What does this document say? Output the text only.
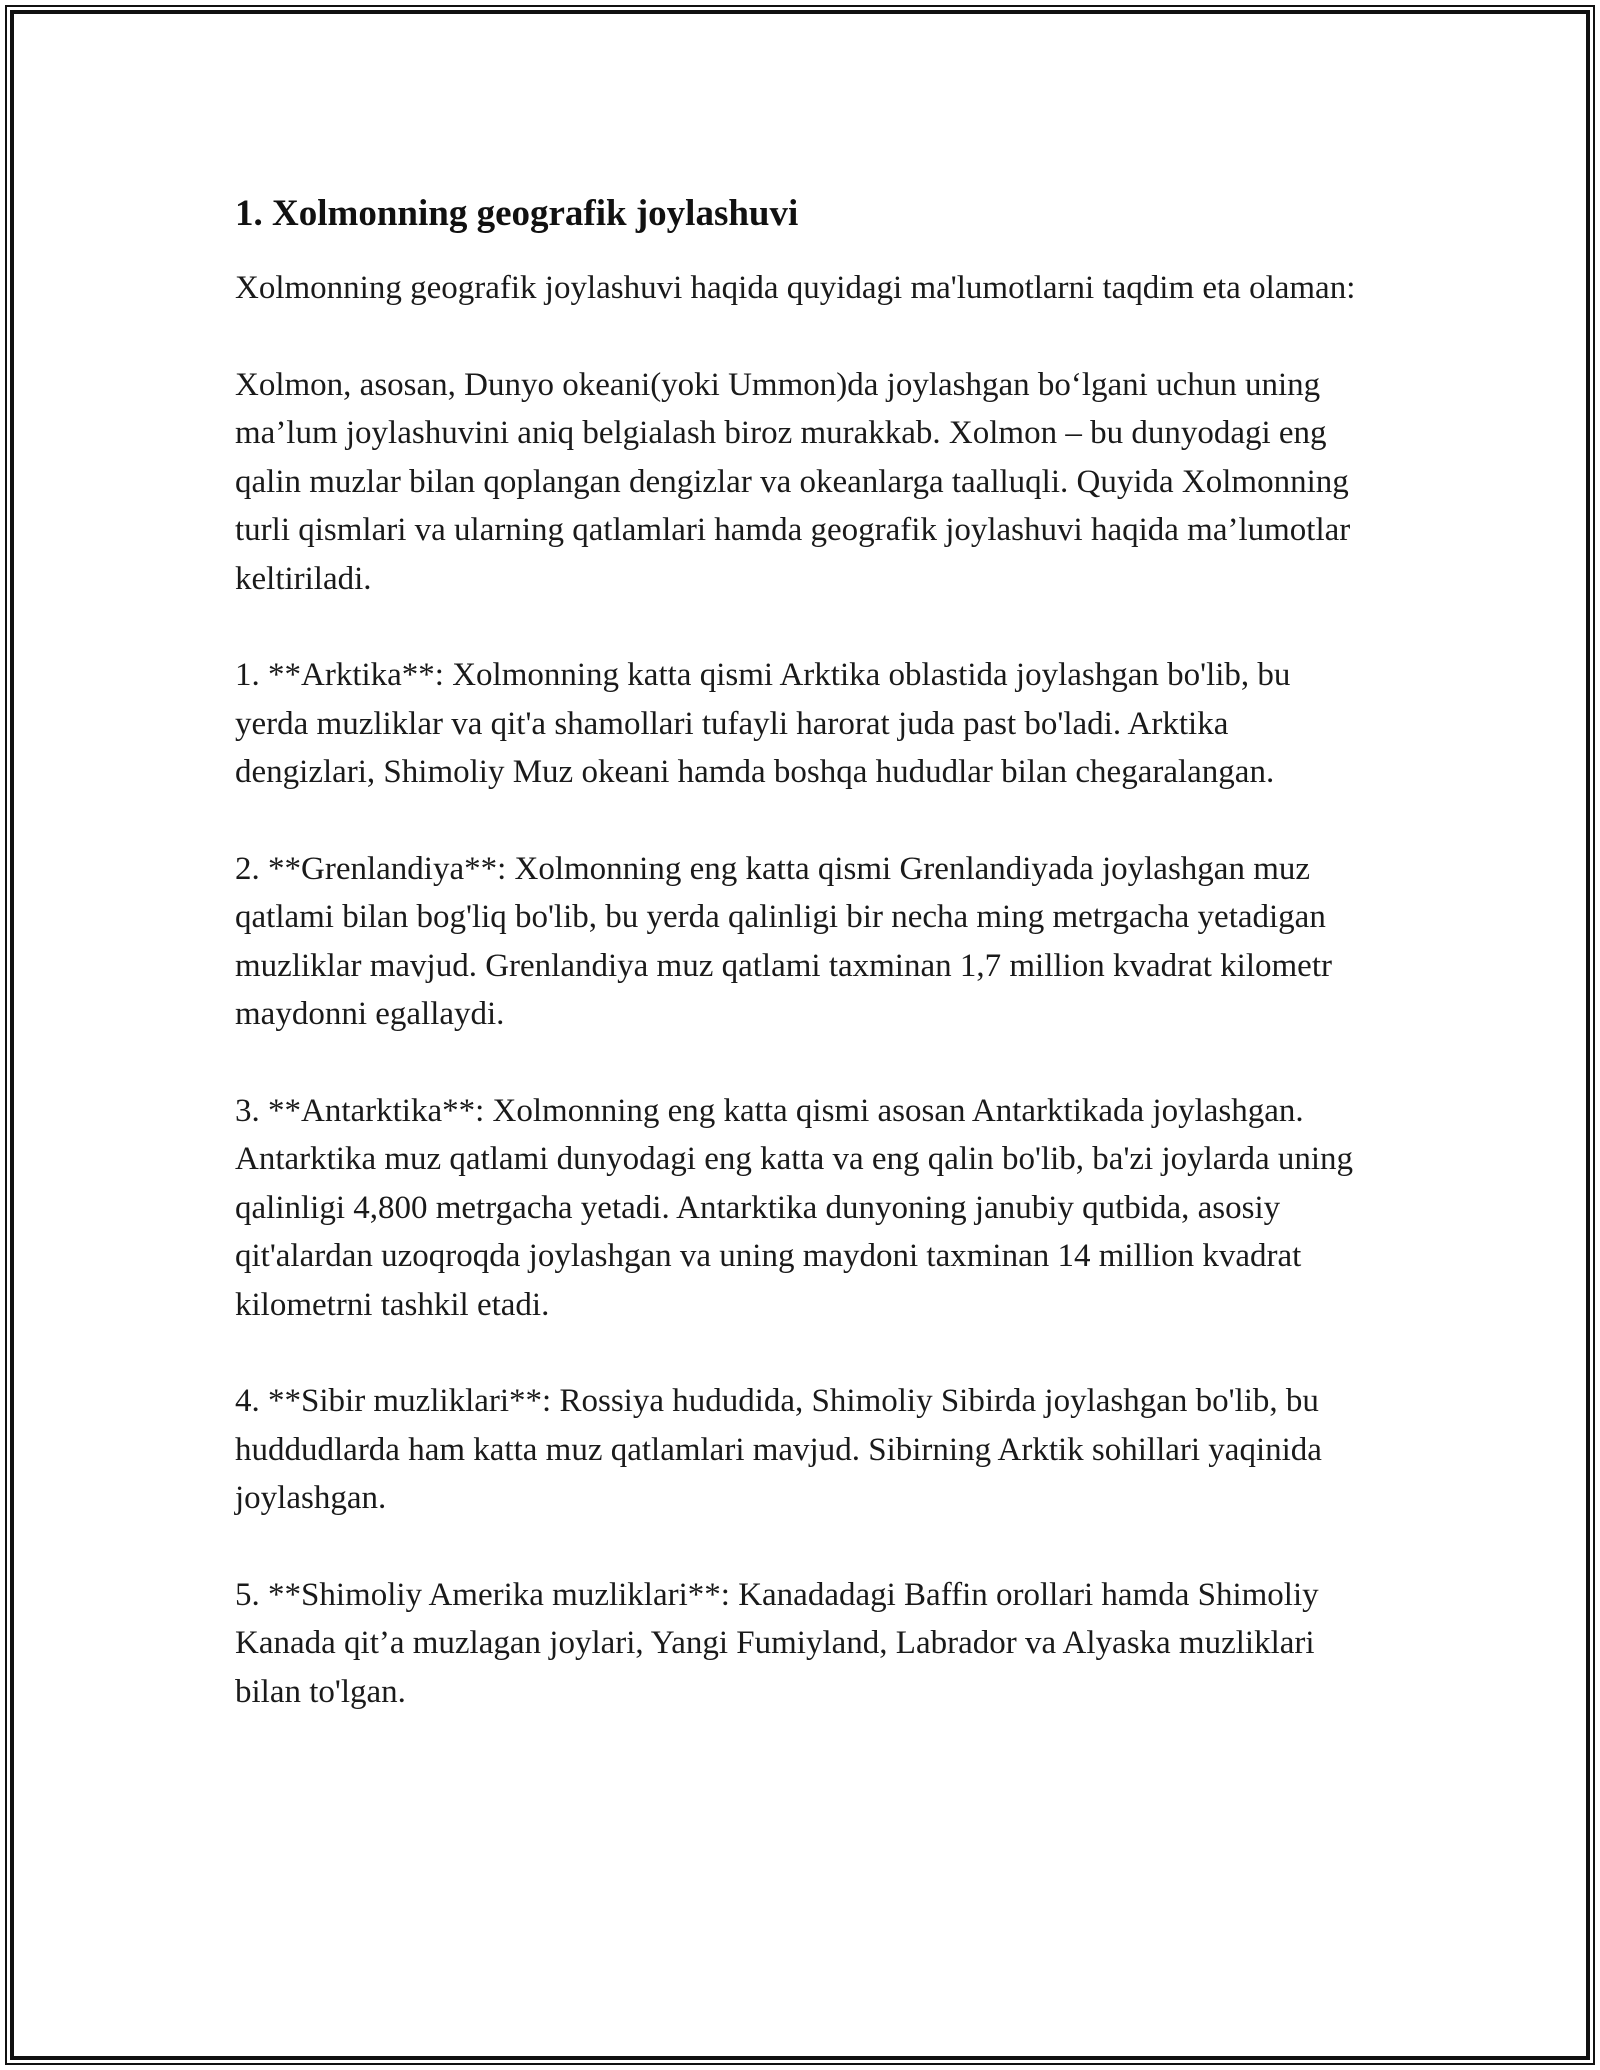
1. Xolmonning geografik joylashuvi

Xolmonning geografik joylashuvi haqida quyidagi ma'lumotlarni taqdim eta olaman:

Xolmon, asosan, Dunyo okeani(yoki Ummon)da joylashgan bo‘lgani uchun uning ma’lum joylashuvini aniq belgialash biroz murakkab. Xolmon – bu dunyodagi eng qalin muzlar bilan qoplangan dengizlar va okeanlarga taalluqli. Quyida Xolmonning turli qismlari va ularning qatlamlari hamda geografik joylashuvi haqida ma’lumotlar keltiriladi.

1. **Arktika**: Xolmonning katta qismi Arktika oblastida joylashgan bo'lib, bu yerda muzliklar va qit'a shamollari tufayli harorat juda past bo'ladi. Arktika dengizlari, Shimoliy Muz okeani hamda boshqa hududlar bilan chegaralangan.

2. **Grenlandiya**: Xolmonning eng katta qismi Grenlandiyada joylashgan muz qatlami bilan bog'liq bo'lib, bu yerda qalinligi bir necha ming metrgacha yetadigan muzliklar mavjud. Grenlandiya muz qatlami taxminan 1,7 million kvadrat kilometr maydonni egallaydi.

3. **Antarktika**: Xolmonning eng katta qismi asosan Antarktikada joylashgan. Antarktika muz qatlami dunyodagi eng katta va eng qalin bo'lib, ba'zi joylarda uning qalinligi 4,800 metrgacha yetadi. Antarktika dunyoning janubiy qutbida, asosiy qit'alardan uzoqroqda joylashgan va uning maydoni taxminan 14 million kvadrat kilometrni tashkil etadi.

4. **Sibir muzliklari**: Rossiya hududida, Shimoliy Sibirda joylashgan bo'lib, bu huddudlarda ham katta muz qatlamlari mavjud. Sibirning Arktik sohillari yaqinida joylashgan.

5. **Shimoliy Amerika muzliklari**: Kanadadagi Baffin orollari hamda Shimoliy Kanada qit’a muzlagan joylari, Yangi Fumiyland, Labrador va Alyaska muzliklari bilan to'lgan.
